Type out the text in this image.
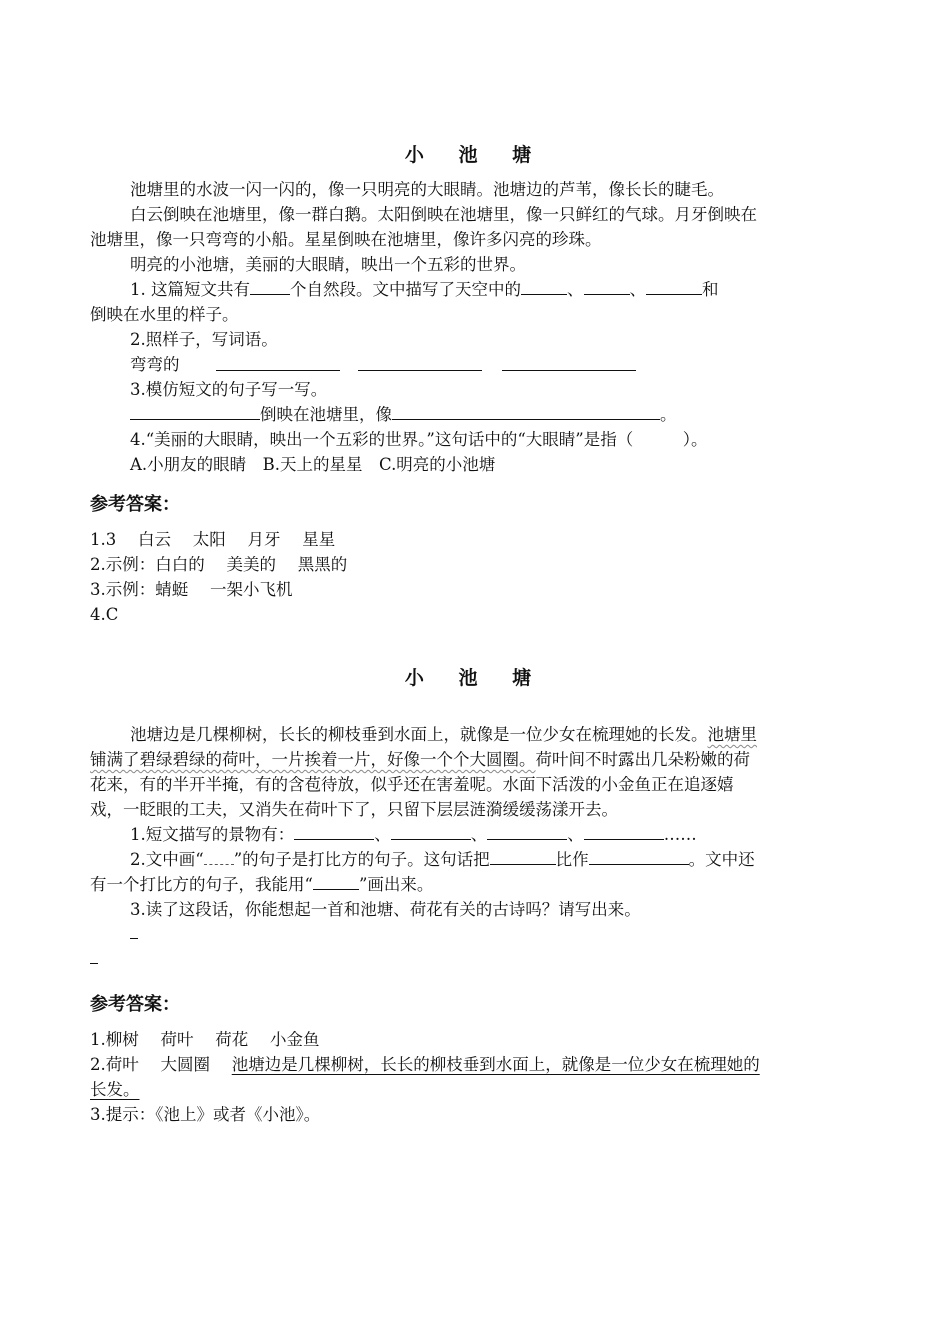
小 池 塘
池塘里的水波一闪一闪的，像一只明亮的大眼睛。池塘边的芦苇，像长长的睫毛。
白云倒映在池塘里，像一群白鹅。太阳倒映在池塘里，像一只鲜红的气球。月牙倒映在
池塘里，像一只弯弯的小船。星星倒映在池塘里，像许多闪亮的珍珠。
明亮的小池塘，美丽的大眼睛，映出一个五彩的世界。
1. 这篇短文共有 个自然段。文中描写了天空中的	、	、	和
倒映在水里的样子。
2.照样子，写词语。
弯弯的
3.模仿短文的句子写一写。
倒映在池塘里，像	。
4.“美丽的大眼睛，映出一个五彩的世界。”这句话中的“大眼睛”是指（　　　）。
A.小朋友的眼睛　B.天上的星星　C.明亮的小池塘
参考答案：
1.3　 白云　 太阳　 月牙　 星星
2.示例：白白的　 美美的　 黑黑的
3.示例：蜻蜓　 一架小飞机
4.C
小 池 塘
池塘边是几棵柳树，长长的柳枝垂到水面上，就像是一位少女在梳理她的长发。池塘里
铺满了碧绿碧绿的荷叶，一片挨着一片，好像一个个大圆圈。荷叶间不时露出几朵粉嫩的荷
花来，有的半开半掩，有的含苞待放，似乎还在害羞呢。水面下活泼的小金鱼正在追逐嬉
戏，一眨眼的工夫，又消失在荷叶下了，只留下层层涟漪缓缓荡漾开去。
1.短文描写的景物有：	、	、	、	……
2.文中画“ ”的句子是打比方的句子。这句话把	比作	。文中还
有一个打比方的句子，我能用“	”画出来。
3.读了这段话，你能想起一首和池塘、荷花有关的古诗吗？请写出来。
参考答案：
1.柳树　 荷叶　 荷花　 小金鱼
2.荷叶　 大圆圈　 池塘边是几棵柳树，长长的柳枝垂到水面上，就像是一位少女在梳理她的
长发。
3.提示：《池上》或者《小池》。
